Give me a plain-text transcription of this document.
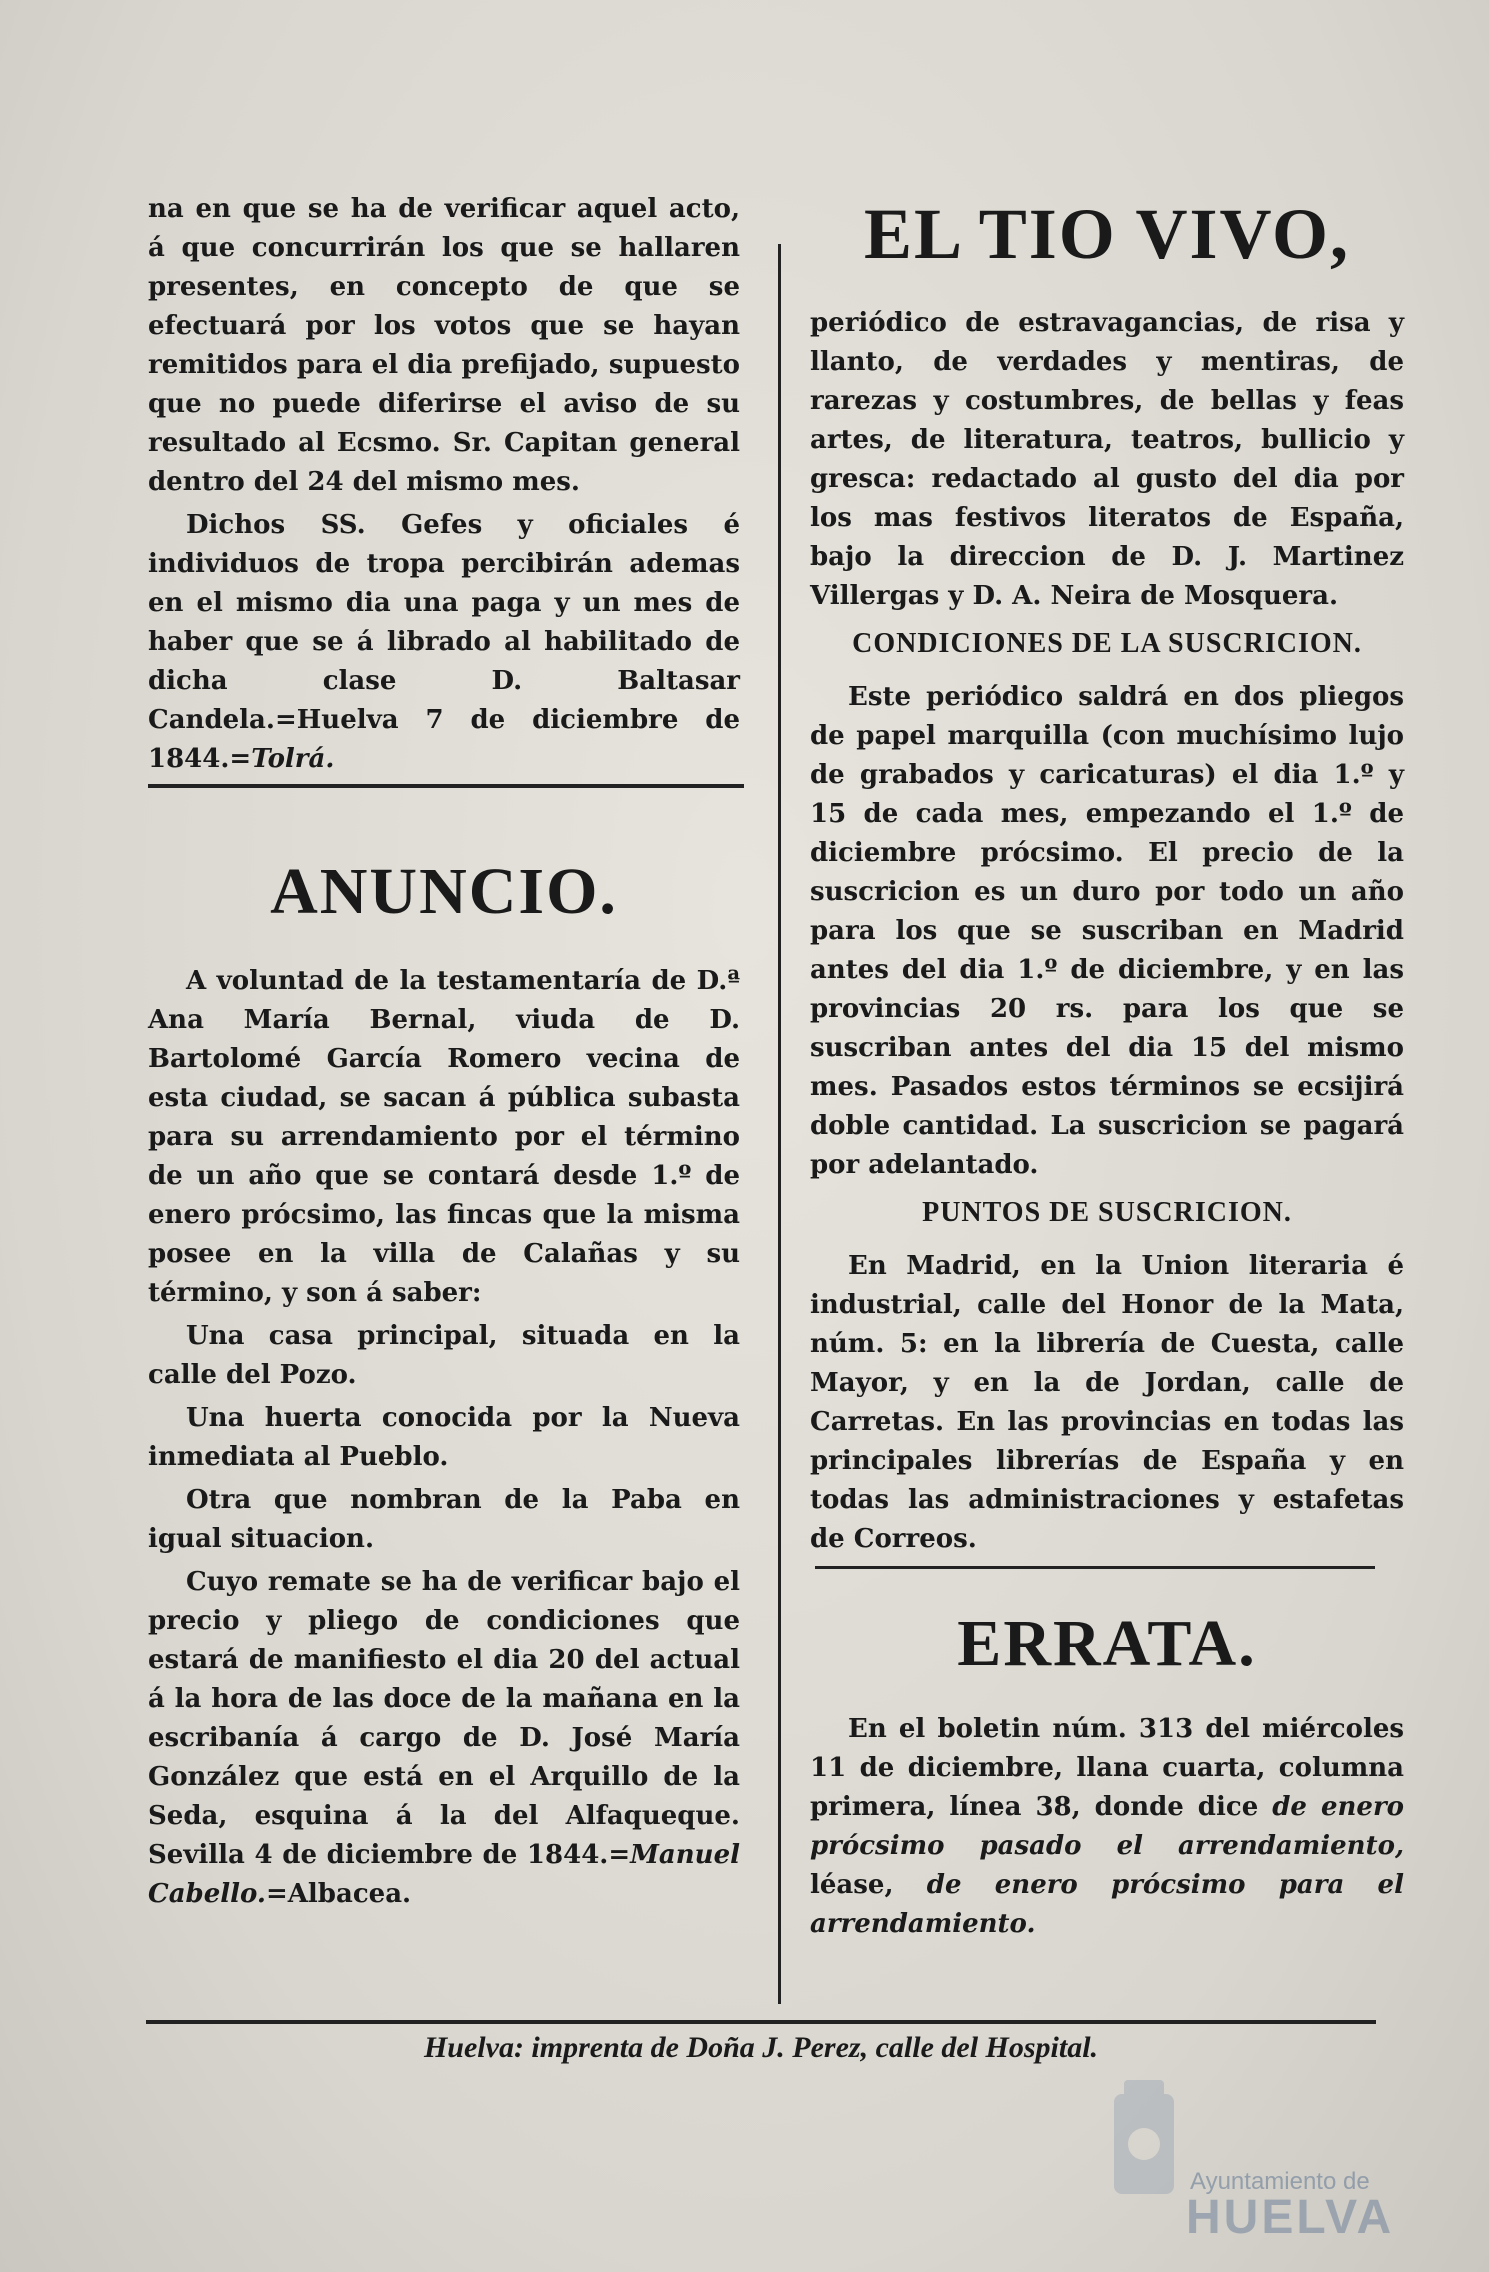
na en que se ha de verificar aquel acto, á que concurrirán los que se hallaren presentes, en concepto de que se efectuará por los votos que se hayan remitidos para el dia prefijado, supuesto que no puede diferirse el aviso de su resultado al Ecsmo. Sr. Capitan general dentro del 24 del mismo mes.

Dichos SS. Gefes y oficiales é individuos de tropa percibirán ademas en el mismo dia una paga y un mes de haber que se á librado al habilitado de dicha clase D. Baltasar Candela.=Huelva 7 de diciembre de 1844.=Tolrá.

ANUNCIO.

A voluntad de la testamentaría de D.ª Ana María Bernal, viuda de D. Bartolomé García Romero vecina de esta ciudad, se sacan á pública subasta para su arrendamiento por el término de un año que se contará desde 1.º de enero prócsimo, las fincas que la misma posee en la villa de Calañas y su término, y son á saber:

Una casa principal, situada en la calle del Pozo.

Una huerta conocida por la Nueva inmediata al Pueblo.

Otra que nombran de la Paba en igual situacion.

Cuyo remate se ha de verificar bajo el precio y pliego de condiciones que estará de manifiesto el dia 20 del actual á la hora de las doce de la mañana en la escribanía á cargo de D. José María González que está en el Arquillo de la Seda, esquina á la del Alfaqueque. Sevilla 4 de diciembre de 1844.=Manuel Cabello.=Albacea.

EL TIO VIVO,

periódico de estravagancias, de risa y llanto, de verdades y mentiras, de rarezas y costumbres, de bellas y feas artes, de literatura, teatros, bullicio y gresca: redactado al gusto del dia por los mas festivos literatos de España, bajo la direccion de D. J. Martinez Villergas y D. A. Neira de Mosquera.

CONDICIONES DE LA SUSCRICION.

Este periódico saldrá en dos pliegos de papel marquilla (con muchísimo lujo de grabados y caricaturas) el dia 1.º y 15 de cada mes, empezando el 1.º de diciembre prócsimo. El precio de la suscricion es un duro por todo un año para los que se suscriban en Madrid antes del dia 1.º de diciembre, y en las provincias 20 rs. para los que se suscriban antes del dia 15 del mismo mes. Pasados estos términos se ecsijirá doble cantidad. La suscricion se pagará por adelantado.

PUNTOS DE SUSCRICION.

En Madrid, en la Union literaria é industrial, calle del Honor de la Mata, núm. 5: en la librería de Cuesta, calle Mayor, y en la de Jordan, calle de Carretas. En las provincias en todas las principales librerías de España y en todas las administraciones y estafetas de Correos.

ERRATA.

En el boletin núm. 313 del miércoles 11 de diciembre, llana cuarta, columna primera, línea 38, donde dice de enero prócsimo pasado el arrendamiento, léase, de enero prócsimo para el arrendamiento.

Huelva: imprenta de Doña J. Perez, calle del Hospital.
Ayuntamiento de
HUELVA
